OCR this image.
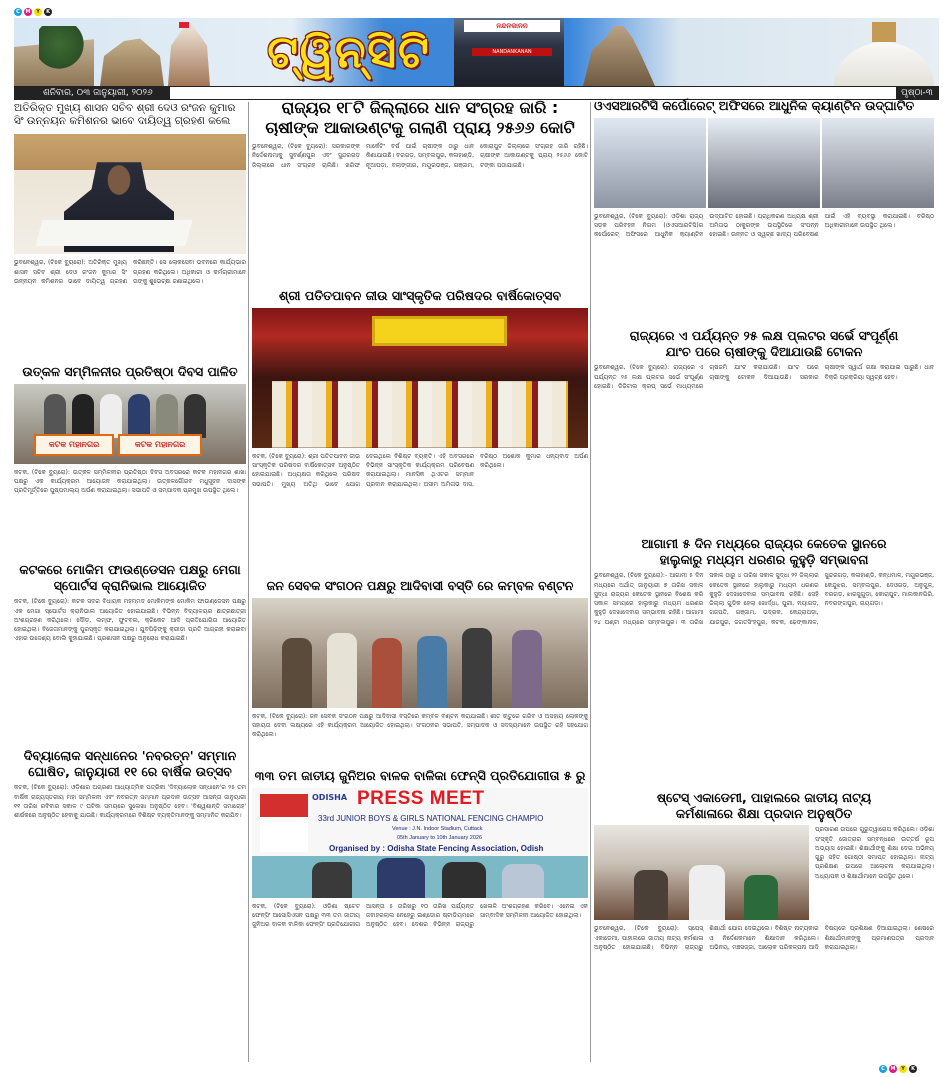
C	M	Y	K
ଟ୍ୱିନ୍‌ସିଟି
ନନ୍ଦନକାନନ
NANDANKANAN
ଶନିବାର, ୦୩ ଜାନୁୟାରୀ, ୨୦୨୬	ପୃଷ୍ଠା-୩
ଅତିରିକ୍ତ ମୁଖ୍ୟ ଶାସନ ସଚିବ ଶ୍ରୀ ଦେଓ ରଂଜନ କୁମାର ସିଂ ଉନ୍ନୟନ କମିଶନର ଭାବେ ଦାୟିତ୍ୱ ଗ୍ରହଣ କଲେ
ଭୁବନେଶ୍ୱର, (ଟିକେ ବ୍ୟୁରୋ): ଅତିରିକ୍ତ ମୁଖ୍ୟ ଶାସନ ସଚିବ ଶ୍ରୀ ଦେଓ ରଂଜନ କୁମାର ସିଂ ଉନ୍ନୟନ କମିଶନର ଭାବେ ଦାୟିତ୍ୱ ଗ୍ରହଣ କରିଛନ୍ତି। ସେ ଲୋକସେବା ଭବନରେ କାର୍ଯ୍ୟଭାର ଗ୍ରହଣ କରିଥିଲେ। ଅଧିକାରୀ ଓ କର୍ମଚାରୀମାନେ ତାଙ୍କୁ ଶୁଭେଚ୍ଛା ଜଣାଇଥିଲେ।
ଉତ୍କଳ ସମ୍ମିଳନୀର ପ୍ରତିଷ୍ଠା ଦିବସ ପାଳିତ
କଟକ ମହାନଗର	କଟକ ମହାନଗର
କଟକ, (ଟିକେ ବ୍ୟୁରୋ): ଉତ୍କଳ ସମ୍ମିଳନୀର ପ୍ରତିଷ୍ଠା ଦିବସ ଅବସରରେ କଟକ ମହାନଗର ଶାଖା ପକ୍ଷରୁ ଏକ କାର୍ଯ୍ୟକ୍ରମ ଆୟୋଜନ କରାଯାଇଥିଲା। ଉତ୍କଳଗୌରବ ମଧୁସୂଦନ ଦାସଙ୍କ ପ୍ରତିମୂର୍ତ୍ତିରେ ପୁଷ୍ପମାଲ୍ୟ ଅର୍ପଣ କରାଯାଇଥିଲା। ସଭାପତି ଓ ସମ୍ପାଦକ ପ୍ରମୁଖ ଉପସ୍ଥିତ ଥିଲେ।
କଟକରେ ମୋକିମ ଫାଉଣ୍ଡେସନ ପକ୍ଷରୁ ମେଗା ସ୍ପୋର୍ଟସ କ୍ରାନିଭାଲ ଆୟୋଜିତ
କଟକ, (ଟିକେ ବ୍ୟୁରୋ): କଟକ ସଦର ବିଧାୟକ ମହମ୍ମଦ ମୋକିମଙ୍କ ମୋକିମ ଫାଉଣ୍ଡେସନ ପକ୍ଷରୁ ଏକ ମେଗା ସ୍ପୋର୍ଟସ କ୍ରାନିଭାଲ ଆୟୋଜିତ ହୋଇଯାଇଛି। ବିଭିନ୍ନ ବିଦ୍ୟାଳୟର ଛାତ୍ରଛାତ୍ରୀ ଅଂଶଗ୍ରହଣ କରିଥିଲେ। ଦୌଡ଼, ଲମ୍ଫ, ଫୁଟବଲ, କ୍ରିକେଟ ଆଦି ପ୍ରତିଯୋଗିତା ଆୟୋଜିତ ହୋଇଥିଲା। ବିଜେତାମାନଙ୍କୁ ପୁରସ୍କୃତ କରାଯାଇଥିଲା। ଯୁବପିଢ଼ିଙ୍କୁ କ୍ରୀଡ଼ା ପ୍ରତି ଆଗ୍ରହୀ କରାଇବା ଏହାର ଉଦ୍ଦେଶ୍ୟ ବୋଲି କୁହାଯାଇଛି। ପ୍ରଶାସନ ପକ୍ଷରୁ ଅନୁରୋଧ କରାଯାଇଛି।
ଦିବ୍ୟାଲୋକ ସନ୍ଧାନେର 'ନବରତ୍ନ' ସମ୍ମାନ ଘୋଷିତ, ଜାନୁୟାରୀ ୧୧ ରେ ବାର୍ଷିକ ଉତ୍ସବ
କଟକ, (ଟିକେ ବ୍ୟୁରୋ): ଓଡ଼ିଶାର ଅଗ୍ରଣୀ ଆଧ୍ୟାତ୍ମିକ ପତ୍ରିକା 'ଦିବ୍ୟାଲୋକ ସନ୍ଧାନେ'ର ୨୫ ତମ ବାର୍ଷିକ ରାଜ୍ୟସ୍ତରୀୟ ମହା ସମ୍ମିଳନୀ ଏବଂ ନବରତ୍ନ ସମ୍ମାନ ପ୍ରଦାନ ଉତ୍ସବ ଆସନ୍ତା ଜାନୁୟାରୀ ୧୧ ତାରିଖ ରବିବାର ସକାଳ ୯ ଘଟିକା ସମୟରେ ସୁଲେଖା ଅନୁଷ୍ଠିତ ହେବ। 'ବିଶ୍ୱଶାନ୍ତି ସମାରୋହ' ଶୀର୍ଷକରେ ଅନୁଷ୍ଠିତ ହେବାକୁ ଯାଉଛି। କାର୍ଯ୍ୟକ୍ରମରେ ବିଶିଷ୍ଟ ବ୍ୟକ୍ତିମାନଙ୍କୁ ସମ୍ମାନିତ କରାଯିବ।
ରାଜ୍ୟର ୧୮ଟି ଜିଲ୍ଲାରେ ଧାନ ସଂଗ୍ରହ ଜାରି :
ଚାଷୀଙ୍କ ଆକାଉଣ୍ଟକୁ ଗଲାଣି ପ୍ରାୟ ୨୫୬୬ କୋଟି
ଭୁବନେଶ୍ୱର, (ଟିକେ ବ୍ୟୁରୋ): ସରକାରଙ୍କ ନିର୍ଦ୍ଦେଶନାମାକୁ ସୁବର୍ଣ୍ଣପୁର ଏବଂ ସୁନ୍ଦରଗଡ଼ ଜିଲ୍ଲାରେ ଧାନ ସଂଗ୍ରହ ଚାଲିଛି। ଖରିଫ ମାର୍କେଟିଂ ବର୍ଷ ପାଇଁ ଚାଷୀଙ୍କ ଠାରୁ ଧାନ କିଣାଯାଉଛି। ବରଗଡ଼, ସମ୍ବଲପୁର, କଳାହାଣ୍ଡି, ନୂଆପଡ଼ା, ବଲାଙ୍ଗୀର, ମୟୂରଭଞ୍ଜ, ଗଞ୍ଜାମ, କୋରାପୁଟ ଜିଲ୍ଲାରେ ସଂଗ୍ରହ ଜାରି ରହିଛି। ଚାଷୀଙ୍କ ଆକାଉଣ୍ଟକୁ ପ୍ରାୟ ୨୫୬୬ କୋଟି ଟଙ୍କା ପଠାଯାଇଛି।
ଶ୍ରୀ ପତିତପାବନ ଜୀଉ ସାଂସ୍କୃତିକ ପରିଷଦର ବାର୍ଷିକୋତ୍ସବ
କଟକ, (ଟିକେ ବ୍ୟୁରୋ): ଶ୍ରୀ ପତିତପାବନ ଜୀଉ ସାଂସ୍କୃତିକ ପରିଷଦର ବାର୍ଷିକୋତ୍ସବ ଅନୁଷ୍ଠିତ ହୋଇଯାଇଛି। ଅଧ୍ୟକ୍ଷତା କରିଥିଲେ ପରିଷଦ ସଭାପତି। ମୁଖ୍ୟ ଅତିଥି ଭାବେ ଯୋଗ ଦେଇଥିଲେ ବିଶିଷ୍ଟ ବ୍ୟକ୍ତି। ଏହି ଅବସରରେ ବିଭିନ୍ନ ସାଂସ୍କୃତିକ କାର୍ଯ୍ୟକ୍ରମ ପରିବେଷଣ କରାଯାଇଥିଲା। ମାନସିକ ଥିଏଟର ସମ୍ମାନ ପ୍ରଦାନ କରାଯାଇଥିଲା। ଅସୀମ ଅମିତାଭ ଦାସ, ବରିଷ୍ଠ ଅଶୋକ କୁମାର ଧନ୍ୟବାଦ ଅର୍ପଣ କରିଥିଲେ।
ଜନ ସେବକ ସଂଗଠନ ପକ୍ଷରୁ ଆଦିବାସୀ ବସ୍ତି ରେ କମ୍ବଳ ବଣ୍ଟନ
କଟକ, (ଟିକେ ବ୍ୟୁରୋ): ଜନ ସେବକ ସଂଗଠନ ପକ୍ଷରୁ ଆଦିବାସୀ ବସ୍ତିରେ କମ୍ବଳ ବଣ୍ଟନ କରାଯାଇଛି। ଶୀତ ଋତୁରେ ଗରିବ ଓ ଅସହାୟ ଲୋକଙ୍କୁ ସହାୟତା ଦେବା ଲକ୍ଷ୍ୟରେ ଏହି କାର୍ଯ୍ୟକ୍ରମ ଆୟୋଜିତ ହୋଇଥିଲା। ସଂଗଠନର ସଭାପତି, ସମ୍ପାଦକ ଓ ସଦସ୍ୟମାନେ ଉପସ୍ଥିତ ରହି ସହଯୋଗ କରିଥିଲେ।
୩୩ ତମ ଜାତୀୟ ଜୁନିଅର ବାଳକ ବାଳିକା ଫେନ୍ସି ପ୍ରତିଯୋଗୀତା ୫ ରୁ
ODISHA PRESS MEET
33rd JUNIOR BOYS & GIRLS NATIONAL FENCING CHAMPIO
Venue : J.N. Indoor Stadium, Cuttack
05th January to 10th January 2026
Organised by : Odisha State Fencing Association, Odish
କଟକ, (ଟିକେ ବ୍ୟୁରୋ): ଓଡ଼ିଶା ଷ୍ଟେଟ ଫେନ୍ସିଂ ଆସୋସିଏସନ ପକ୍ଷରୁ ୩୩ ତମ ଜାତୀୟ ଜୁନିଅର ବାଳକ ବାଳିକା ଫେନ୍ସିଂ ପ୍ରତିଯୋଗୀତା ଆସନ୍ତା ୫ ତାରିଖରୁ ୧୦ ତାରିଖ ପର୍ଯ୍ୟନ୍ତ ଜବାହରଲାଲ ନେହେରୁ ଇଣ୍ଡୋର ଷ୍ଟାଡିୟମରେ ଅନୁଷ୍ଠିତ ହେବ। ଦେଶର ବିଭିନ୍ନ ରାଜ୍ୟରୁ ଖେଳାଳି ଅଂଶଗ୍ରହଣ କରିବେ। ଏନେଇ ଏକ ସାମ୍ବାଦିକ ସମ୍ମିଳନୀ ଆୟୋଜିତ ହୋଇଥିଲା।
ଓଏସଆରଟିସି କର୍ପୋରେଟ୍ ଅଫିସରେ ଆଧୁନିକ କ୍ୟାଣ୍ଟିନ ଉଦ୍‌ଘାଟିତ
ଭୁବନେଶ୍ୱର, (ଟିକେ ବ୍ୟୁରୋ): ଓଡ଼ିଶା ରାଜ୍ୟ ସଡ଼କ ପରିବହନ ନିଗମ (ଓଏସଆରଟିସି)ର କର୍ପୋରେଟ୍ ଅଫିସରେ ଆଧୁନିକ କ୍ୟାଣ୍ଟିନ ଉଦ୍‌ଘାଟିତ ହୋଇଛି। ପ୍ରାଧିକରଣ ଅଧ୍ୟକ୍ଷ ଶ୍ରୀ ଅମିତାଭ ଠାକୁରଙ୍କ ଉପସ୍ଥିତିରେ ସଂପନ୍ନ ହୋଇଛି। ଉନ୍ନତ ଓ ସ୍ୱଚ୍ଛ ଖାଦ୍ୟ ପରିବେଷଣ ପାଇଁ ଏହି ବ୍ୟବସ୍ଥା କରାଯାଇଛି। ବରିଷ୍ଠ ଅଧିକାରୀମାନେ ଉପସ୍ଥିତ ଥିଲେ।
ରାଜ୍ୟରେ ଏ ପର୍ଯ୍ୟନ୍ତ ୨୫ ଲକ୍ଷ ପ୍ଲଟର ସର୍ଭେ ସଂପୂର୍ଣ୍ଣ
ଯାଂଚ ପରେ ଚାଷୀଙ୍କୁ ଦିଆଯାଉଛି ଟୋକନ
ଭୁବନେଶ୍ୱର, (ଟିକେ ବ୍ୟୁରୋ): ରାଜ୍ୟରେ ଏ ପର୍ଯ୍ୟନ୍ତ ୨୫ ଲକ୍ଷ ପ୍ଲଟର ସର୍ଭେ ସଂପୂର୍ଣ୍ଣ ହୋଇଛି। ଡିଜିଟାଲ କ୍ରପ୍ ସର୍ଭେ ମାଧ୍ୟମରେ ଚାଷଜମି ଯାଂଚ କରାଯାଉଛି। ଯାଂଚ ପରେ ଚାଷୀଙ୍କୁ ଟୋକନ ଦିଆଯାଉଛି। ସରକାର ଚାଷୀଙ୍କ ସ୍ୱାର୍ଥ ରକ୍ଷା କରାଯାଇ ପାରୁଛି। ଧାନ ବିକ୍ରି ପ୍ରକ୍ରିୟା ସ୍ୱଚ୍ଛ ହେବ।
ଆଗାମୀ ୫ ଦିନ ମଧ୍ୟରେ ରାଜ୍ୟର କେତେକ ସ୍ଥାନରେ
ହାଲୁକାରୁ ମଧ୍ୟମ ଧରଣର କୁହୁଡ଼ି ସମ୍ଭାବନା
ଭୁବନେଶ୍ୱର, (ଟିକେ ବ୍ୟୁରୋ):- ଆଗାମୀ ୫ ଦିନ ମଧ୍ୟରେ ଅର୍ଥାତ୍ ଜାନୁୟାରୀ ୭ ତାରିଖ ସକାଳ ସୁଦ୍ଧା ରାଜ୍ୟର କେତେକ ସ୍ଥାନରେ ବିଶେଷ କରି ସକାଳ ସମୟରେ ହାଲୁକାରୁ ମଧ୍ୟମ ଧରଣର କୁହୁଡ଼ି ଦେଖାଦେବାର ସମ୍ଭାବନା ରହିଛି। ଆଗାମୀ ୨୪ ଘଣ୍ଟା ମଧ୍ୟରେ ସମ୍ବଲପୁର। ୩ ତାରିଖ ସକାଳ ଠାରୁ ୪ ତାରିଖ ସକାଳ ସୁଦ୍ଧା ୨୨ ଜିଲ୍ଲାର କେତେକ ସ୍ଥାନରେ ହାଲୁକାରୁ ମଧ୍ୟମ ଧରଣର କୁହୁଡ଼ି ଦେଖାଦେବାର ସମ୍ଭାବନା ରହିଛି। ସେହି ଜିଲ୍ଲା ଗୁଡିକ ହେଲା ଖୋର୍ଦ୍ଧା, ପୁରୀ, ନୟାଗଡ଼, ଗଜପତି, ଗଞ୍ଜାମ, ଭଦ୍ରକ, କେନ୍ଦ୍ରାପଡ଼ା, ଯାଜପୁର, ଜଗତସିଂହପୁର, କଟକ, ଢେଙ୍କାନାଳ, ସୁନ୍ଦରଗଡ଼, କଳାହାଣ୍ଡି, କନ୍ଧମାଳ, ମୟୂରଭଞ୍ଜ, କେନ୍ଦୁଝର, ସମ୍ବଲପୁର, ଦେଓଗଡ଼, ଅନୁଗୁଳ, ବରଗଡ଼, ଝାରସୁଗୁଡ଼ା, କୋରାପୁଟ, ମାଲକାନଗିରି, ନବରଙ୍ଗପୁର, ରାୟଗଡ଼ା।
ଷ୍ଟେସ୍ ଏକାଡେମୀ, ପାହାଲରେ ଜାତୀୟ ନାଟ୍ୟ
କର୍ମଶାଳାରେ ଶିକ୍ଷା ପ୍ରଦାନ ଅନୁଷ୍ଠିତ
ପ୍ରସାରଣ ଉପରେ ଗୁରୁତ୍ୱାରୋପ କରିଥିଲେ। ଓଡ଼ିଶା ସଂସ୍କୃତି ଜୋତ୍ରାର ସମ୍ବନ୍ଧରେ ଉତ୍ତର୍ଷ ରୂପ ଅଭ୍ୟାସ ହୋଇଛି। ଶିକ୍ଷାର୍ଥୀଙ୍କୁ ଶିକ୍ଷା ଦେଇ ଅଭିନୟ ଗୁରୁ ସହିତ ଗୋଷ୍ଠୀ ସମାପ୍ତ ହୋଇଥିଲା। ନାଟ୍ୟ ପ୍ରଶିକ୍ଷଣ ଉପରେ ଆଲୋଚନା କରାଯାଇଥିଲା। ଅଧ୍ୟାପକ ଓ ଶିକ୍ଷାର୍ଥୀମାନେ ଉପସ୍ଥିତ ଥିଲେ।
ଭୁବନେଶ୍ୱର, (ଟିକେ ବ୍ୟୁରୋ): ସ୍ପେସ୍ ଏକାଡେମୀ, ପାହାଲରେ ଜାତୀୟ ନାଟ୍ୟ କର୍ମଶାଳା ଅନୁଷ୍ଠିତ ହୋଇଯାଇଛି। ବିଭିନ୍ନ ରାଜ୍ୟରୁ ଶିକ୍ଷାର୍ଥୀ ଯୋଗ ଦେଇଥିଲେ। ବିଶିଷ୍ଟ ନାଟ୍ୟକାର ଓ ନିର୍ଦ୍ଦେଶକମାନେ ଶିକ୍ଷାଦାନ କରିଥିଲେ। ଅଭିନୟ, ମଞ୍ଚସଜ୍ଜା, ଆଲୋକ ପରିକଳ୍ପନା ଆଦି ବିଷୟରେ ପ୍ରଶିକ୍ଷଣ ଦିଆଯାଇଥିଲା। ଶେଷରେ ଶିକ୍ଷାର୍ଥୀମାନଙ୍କୁ ପ୍ରମାଣପତ୍ର ପ୍ରଦାନ କରାଯାଇଥିଲା।
C	M	Y	K
